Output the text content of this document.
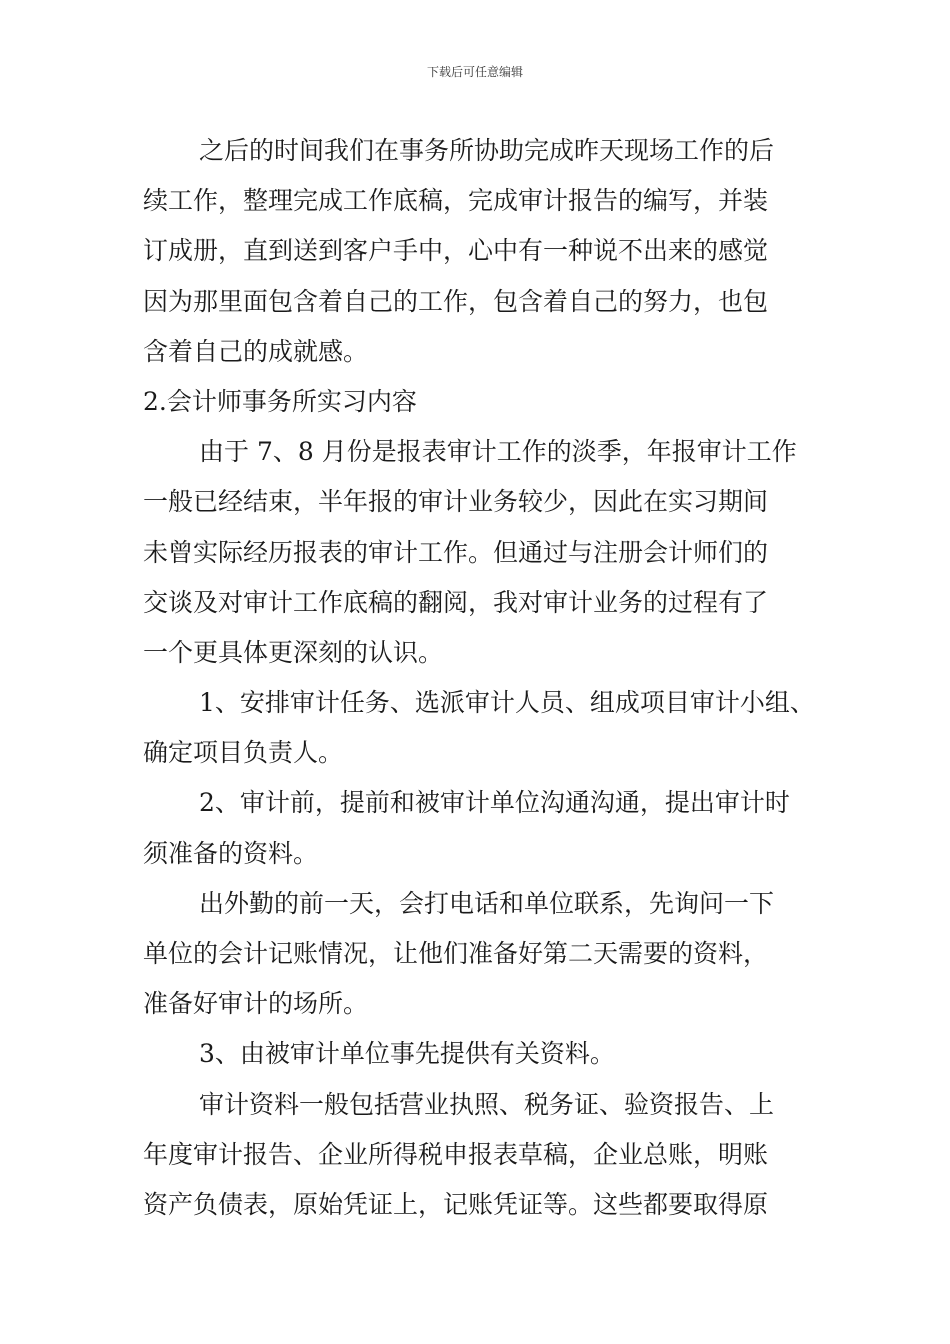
下载后可任意编辑
之后的时间我们在事务所协助完成昨天现场工作的后
续工作，整理完成工作底稿，完成审计报告的编写，并装
订成册，直到送到客户手中，心中有一种说不出来的感觉
因为那里面包含着自己的工作，包含着自己的努力，也包
含着自己的成就感。
2.会计师事务所实习内容
由于 7、8 月份是报表审计工作的淡季，年报审计工作
一般已经结束，半年报的审计业务较少，因此在实习期间
未曾实际经历报表的审计工作。但通过与注册会计师们的
交谈及对审计工作底稿的翻阅，我对审计业务的过程有了
一个更具体更深刻的认识。
1、安排审计任务、选派审计人员、组成项目审计小组、
确定项目负责人。
2、审计前，提前和被审计单位沟通沟通，提出审计时
须准备的资料。
出外勤的前一天，会打电话和单位联系，先询问一下
单位的会计记账情况，让他们准备好第二天需要的资料，
准备好审计的场所。
3、由被审计单位事先提供有关资料。
审计资料一般包括营业执照、税务证、验资报告、上
年度审计报告、企业所得税申报表草稿，企业总账，明账
资产负债表，原始凭证上，记账凭证等。这些都要取得原
